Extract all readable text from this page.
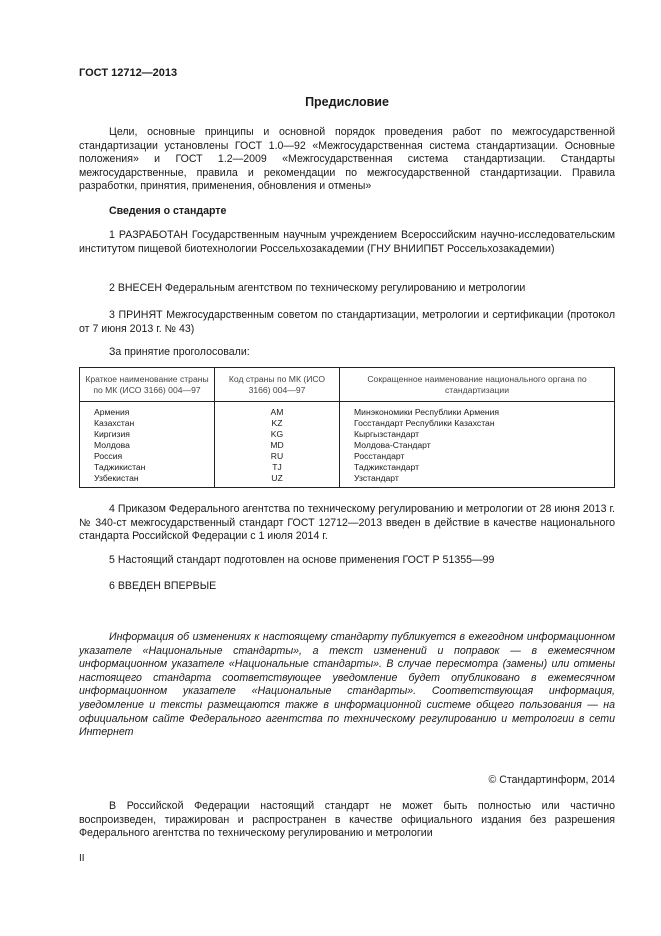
ГОСТ 12712—2013
Предисловие
Цели, основные принципы и основной порядок проведения работ по межгосударственной стандартизации установлены ГОСТ 1.0—92 «Межгосударственная система стандартизации. Основные положения» и ГОСТ 1.2—2009 «Межгосударственная система стандартизации. Стандарты межгосударственные, правила и рекомендации по межгосударственной стандартизации. Правила разработки, принятия, применения, обновления и отмены»
Сведения о стандарте
1 РАЗРАБОТАН Государственным научным учреждением Всероссийским научно-исследовательским институтом пищевой биотехнологии Россельхозакадемии (ГНУ ВНИИПБТ Россельхозакадемии)
2 ВНЕСЕН Федеральным агентством по техническому регулированию и метрологии
3 ПРИНЯТ Межгосударственным советом по стандартизации, метрологии и сертификации (протокол от 7 июня 2013 г. № 43)
За принятие проголосовали:
Краткое наименование страны по МК (ИСО 3166) 004—97	Код страны по МК (ИСО 3166) 004—97	Сокращенное наименование национального органа по стандартизации
Армения	AM	Минэкономики Республики Армения
Казахстан	KZ	Госстандарт Республики Казахстан
Киргизия	KG	Кыргызстандарт
Молдова	MD	Молдова-Стандарт
Россия	RU	Росстандарт
Таджикистан	TJ	Таджикстандарт
Узбекистан	UZ	Узстандарт
4 Приказом Федерального агентства по техническому регулированию и метрологии от 28 июня 2013 г. № 340-ст межгосударственный стандарт ГОСТ 12712—2013 введен в действие в качестве национального стандарта Российской Федерации с 1 июля 2014 г.
5 Настоящий стандарт подготовлен на основе применения ГОСТ Р 51355—99
6 ВВЕДЕН ВПЕРВЫЕ
Информация об изменениях к настоящему стандарту публикуется в ежегодном информационном указателе «Национальные стандарты», а текст изменений и поправок — в ежемесячном информационном указателе «Национальные стандарты». В случае пересмотра (замены) или отмены настоящего стандарта соответствующее уведомление будет опубликовано в ежемесячном информационном указателе «Национальные стандарты». Соответствующая информация, уведомление и тексты размещаются также в информационной системе общего пользования — на официальном сайте Федерального агентства по техническому регулированию и метрологии в сети Интернет
© Стандартинформ, 2014
В Российской Федерации настоящий стандарт не может быть полностью или частично воспроизведен, тиражирован и распространен в качестве официального издания без разрешения Федерального агентства по техническому регулированию и метрологии
II
